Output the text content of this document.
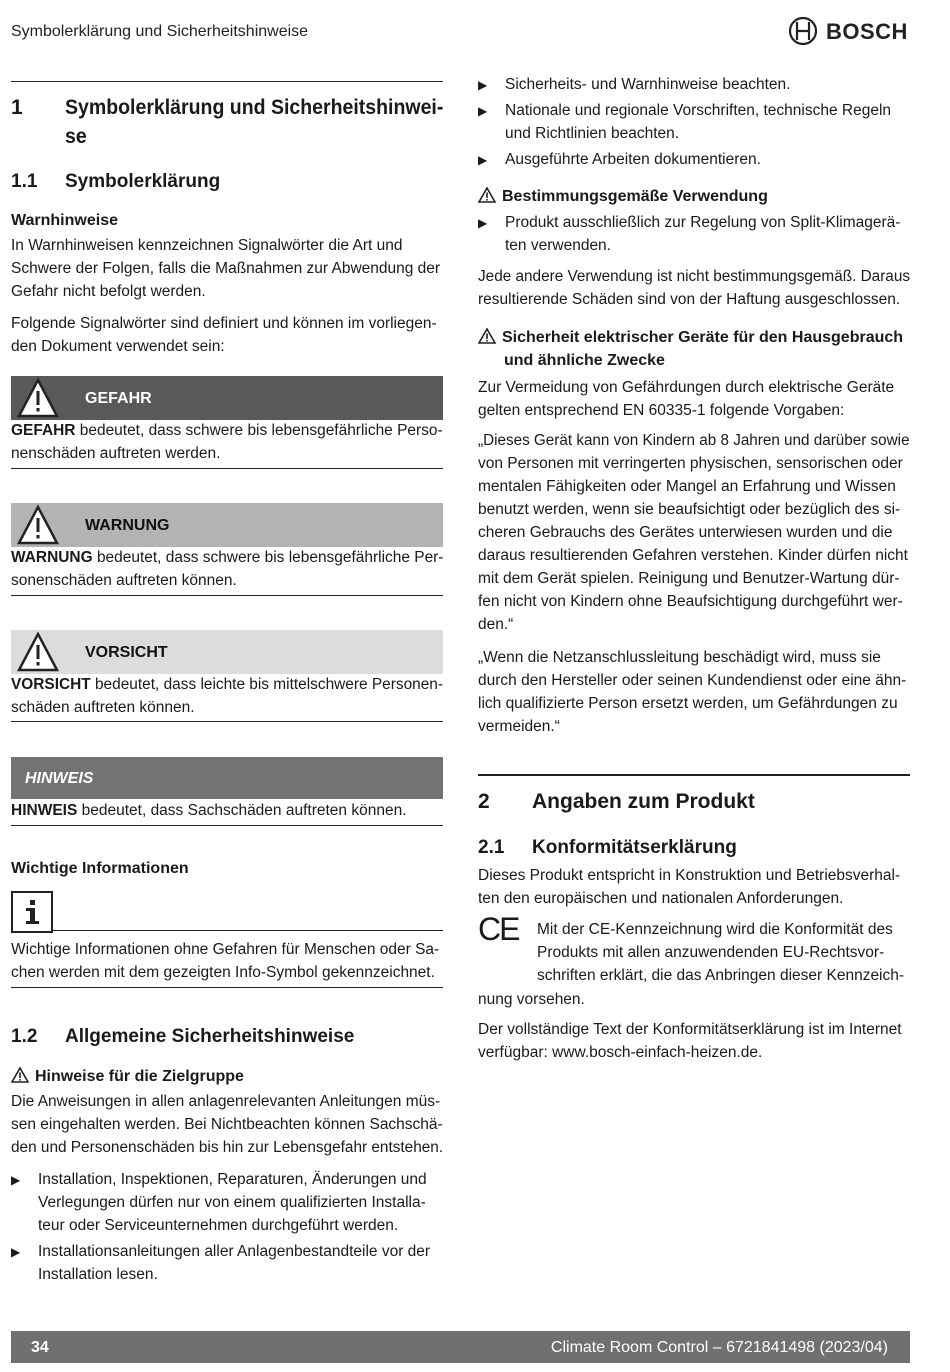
Symbolerklärung und Sicherheitshinweise	BOSCH
1	Symbolerklärung und Sicherheitshinwei-
se
1.1	Symbolerklärung
Warnhinweise

In Warnhinweisen kennzeichnen Signalwörter die Art und

Schwere der Folgen, falls die Maßnahmen zur Abwendung der

Gefahr nicht befolgt werden.

Folgende Signalwörter sind definiert und können im vorliegen-

den Dokument verwendet sein:

GEFAHR

GEFAHR bedeutet, dass schwere bis lebensgefährliche Perso-

nenschäden auftreten werden.

WARNUNG

WARNUNG bedeutet, dass schwere bis lebensgefährliche Per-

sonenschäden auftreten können.

VORSICHT

VORSICHT bedeutet, dass leichte bis mittelschwere Personen-

schäden auftreten können.

HINWEIS

HINWEIS bedeutet, dass Sachschäden auftreten können.

Wichtige Informationen

Wichtige Informationen ohne Gefahren für Menschen oder Sa-

chen werden mit dem gezeigten Info-Symbol gekennzeichnet.

1.2	Allgemeine Sicherheitshinweise
Hinweise für die Zielgruppe

Die Anweisungen in allen anlagenrelevanten Anleitungen müs-

sen eingehalten werden. Bei Nichtbeachten können Sachschä-

den und Personenschäden bis hin zur Lebensgefahr entstehen.

▶	Installation, Inspektionen, Reparaturen, Änderungen und
Verlegungen dürfen nur von einem qualifizierten Installa-
teur oder Serviceunternehmen durchgeführt werden.
▶	Installationsanleitungen aller Anlagenbestandteile vor der
Installation lesen.
▶	Sicherheits- und Warnhinweise beachten.
▶	Nationale und regionale Vorschriften, technische Regeln
und Richtlinien beachten.
▶	Ausgeführte Arbeiten dokumentieren.
Bestimmungsgemäße Verwendung
▶	Produkt ausschließlich zur Regelung von Split-Klimagerä-
ten verwenden.

Jede andere Verwendung ist nicht bestimmungsgemäß. Daraus

resultierende Schäden sind von der Haftung ausgeschlossen.

Sicherheit elektrischer Geräte für den Hausgebrauch
und ähnliche Zwecke

Zur Vermeidung von Gefährdungen durch elektrische Geräte

gelten entsprechend EN 60335-1 folgende Vorgaben:

„Dieses Gerät kann von Kindern ab 8 Jahren und darüber sowie

von Personen mit verringerten physischen, sensorischen oder

mentalen Fähigkeiten oder Mangel an Erfahrung und Wissen

benutzt werden, wenn sie beaufsichtigt oder bezüglich des si-

cheren Gebrauchs des Gerätes unterwiesen wurden und die

daraus resultierenden Gefahren verstehen. Kinder dürfen nicht

mit dem Gerät spielen. Reinigung und Benutzer-Wartung dür-

fen nicht von Kindern ohne Beaufsichtigung durchgeführt wer-

den.“

„Wenn die Netzanschlussleitung beschädigt wird, muss sie

durch den Hersteller oder seinen Kundendienst oder eine ähn-

lich qualifizierte Person ersetzt werden, um Gefährdungen zu

vermeiden.“

2	Angaben zum Produkt
2.1	Konformitätserklärung

Dieses Produkt entspricht in Konstruktion und Betriebsverhal-

ten den europäischen und nationalen Anforderungen.

CE Mit der CE-Kennzeichnung wird die Konformität des

Produkts mit allen anzuwendenden EU-Rechtsvor-

schriften erklärt, die das Anbringen dieser Kennzeich-

nung vorsehen.

Der vollständige Text der Konformitätserklärung ist im Internet

verfügbar: www.bosch-einfach-heizen.de.

34	Climate Room Control – 6721841498 (2023/04)
